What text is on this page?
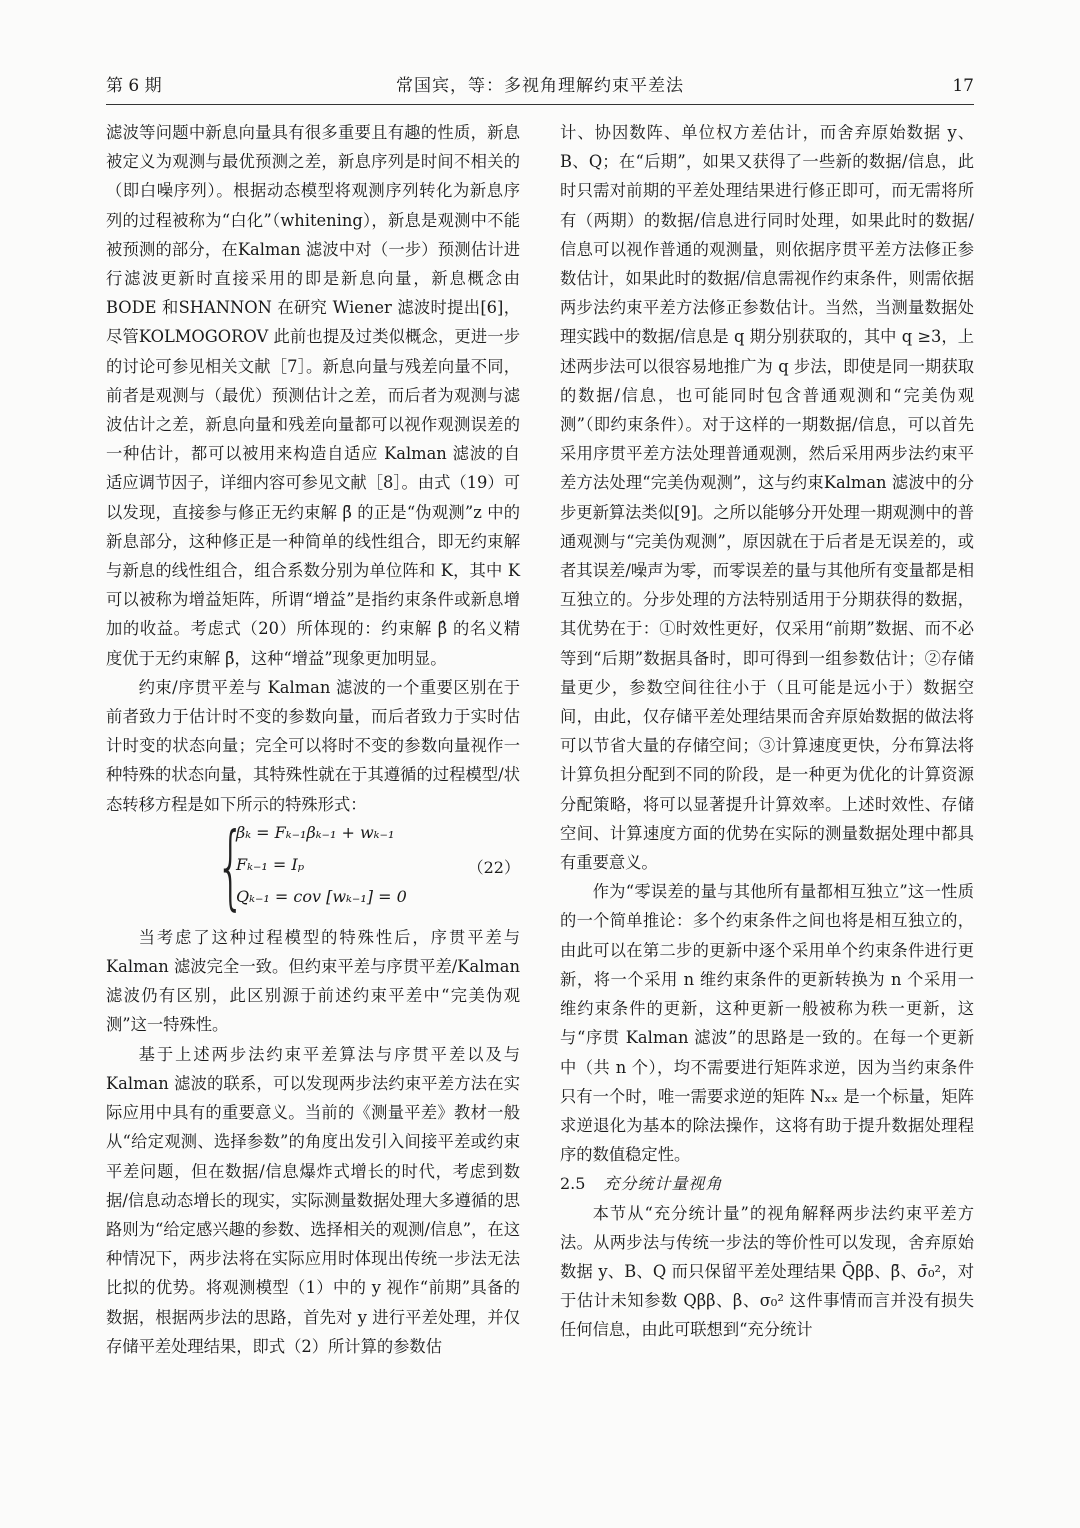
第 6 期	常国宾，等：多视角理解约束平差法	17

滤波等问题中新息向量具有很多重要且有趣的性质，新息被定义为观测与最优预测之差，新息序列是时间不相关的（即白噪序列）。根据动态模型将观测序列转化为新息序列的过程被称为“白化”（whitening），新息是观测中不能被预测的部分，在Kalman 滤波中对（一步）预测估计进行滤波更新时直接采用的即是新息向量，新息概念由 BODE 和SHANNON 在研究 Wiener 滤波时提出[6]，尽管KOLMOGOROV 此前也提及过类似概念，更进一步的讨论可参见相关文献［7］。新息向量与残差向量不同，前者是观测与（最优）预测估计之差，而后者为观测与滤波估计之差，新息向量和残差向量都可以视作观测误差的一种估计，都可以被用来构造自适应 Kalman 滤波的自适应调节因子，详细内容可参见文献［8］。由式（19）可以发现，直接参与修正无约束解 β̄ 的正是“伪观测”z 中的新息部分，这种修正是一种简单的线性组合，即无约束解与新息的线性组合，组合系数分别为单位阵和 K，其中 K 可以被称为增益矩阵，所谓“增益”是指约束条件或新息增加的收益。考虑式（20）所体现的：约束解 β̂ 的名义精度优于无约束解 β̄，这种“增益”现象更加明显。

约束/序贯平差与 Kalman 滤波的一个重要区别在于前者致力于估计时不变的参数向量，而后者致力于实时估计时变的状态向量；完全可以将时不变的参数向量视作一种特殊的状态向量，其特殊性就在于其遵循的过程模型/状态转移方程是如下所示的特殊形式：

{
βₖ = Fₖ₋₁βₖ₋₁ + wₖ₋₁
Fₖ₋₁ = Iₚ
Qₖ₋₁ = cov [wₖ₋₁] = 0
（22）

当考虑了这种过程模型的特殊性后，序贯平差与 Kalman 滤波完全一致。但约束平差与序贯平差/Kalman 滤波仍有区别，此区别源于前述约束平差中“完美伪观测”这一特殊性。

基于上述两步法约束平差算法与序贯平差以及与 Kalman 滤波的联系，可以发现两步法约束平差方法在实际应用中具有的重要意义。当前的《测量平差》教材一般从“给定观测、选择参数”的角度出发引入间接平差或约束平差问题，但在数据/信息爆炸式增长的时代，考虑到数据/信息动态增长的现实，实际测量数据处理大多遵循的思路则为“给定感兴趣的参数、选择相关的观测/信息”，在这种情况下，两步法将在实际应用时体现出传统一步法无法比拟的优势。将观测模型（1）中的 y 视作“前期”具备的数据，根据两步法的思路，首先对 y 进行平差处理，并仅存储平差处理结果，即式（2）所计算的参数估

计、协因数阵、单位权方差估计，而舍弃原始数据 y、B、Q；在“后期”，如果又获得了一些新的数据/信息，此时只需对前期的平差处理结果进行修正即可，而无需将所有（两期）的数据/信息进行同时处理，如果此时的数据/信息可以视作普通的观测量，则依据序贯平差方法修正参数估计，如果此时的数据/信息需视作约束条件，则需依据两步法约束平差方法修正参数估计。当然，当测量数据处理实践中的数据/信息是 q 期分别获取的，其中 q ≥3，上述两步法可以很容易地推广为 q 步法，即使是同一期获取的数据/信息，也可能同时包含普通观测和“完美伪观测”（即约束条件）。对于这样的一期数据/信息，可以首先采用序贯平差方法处理普通观测，然后采用两步法约束平差方法处理“完美伪观测”，这与约束Kalman 滤波中的分步更新算法类似[9]。之所以能够分开处理一期观测中的普通观测与“完美伪观测”，原因就在于后者是无误差的，或者其误差/噪声为零，而零误差的量与其他所有变量都是相互独立的。分步处理的方法特别适用于分期获得的数据，其优势在于：①时效性更好，仅采用“前期”数据、而不必等到“后期”数据具备时，即可得到一组参数估计；②存储量更少，参数空间往往小于（且可能是远小于）数据空间，由此，仅存储平差处理结果而舍弃原始数据的做法将可以节省大量的存储空间；③计算速度更快，分布算法将计算负担分配到不同的阶段，是一种更为优化的计算资源分配策略，将可以显著提升计算效率。上述时效性、存储空间、计算速度方面的优势在实际的测量数据处理中都具有重要意义。

作为“零误差的量与其他所有量都相互独立”这一性质的一个简单推论：多个约束条件之间也将是相互独立的，由此可以在第二步的更新中逐个采用单个约束条件进行更新，将一个采用 n 维约束条件的更新转换为 n 个采用一维约束条件的更新，这种更新一般被称为秩一更新，这与“序贯 Kalman 滤波”的思路是一致的。在每一个更新中（共 n 个），均不需要进行矩阵求逆，因为当约束条件只有一个时，唯一需要求逆的矩阵 Nₓₓ 是一个标量，矩阵求逆退化为基本的除法操作，这将有助于提升数据处理程序的数值稳定性。

2.5 充分统计量视角

本节从“充分统计量”的视角解释两步法约束平差方法。从两步法与传统一步法的等价性可以发现，舍弃原始数据 y、B、Q 而只保留平差处理结果 Q̄ββ、β̄、σ̄₀²，对于估计未知参数 Qββ、β、σ₀² 这件事情而言并没有损失任何信息，由此可联想到“充分统计
